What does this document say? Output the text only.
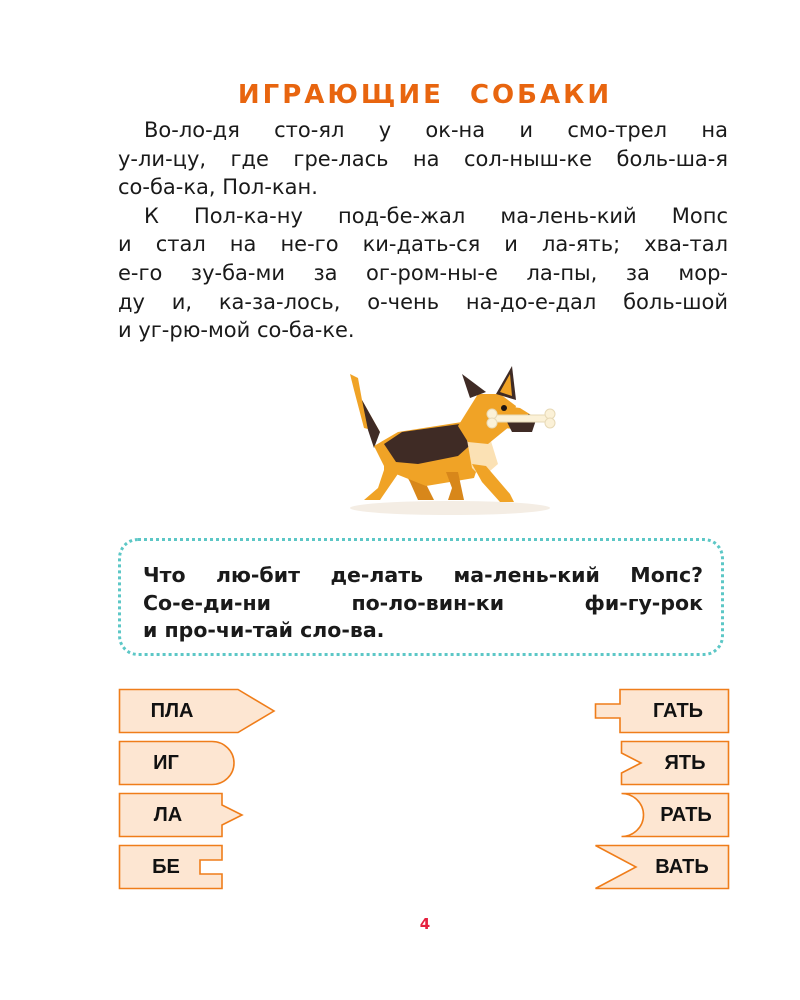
ИГРАЮЩИЕ СОБАКИ
Во-ло-дя сто-ял у ок-на и смо-трел на
у-ли-цу, где гре-лась на сол-ныш-ке боль-ша-я
со-ба-ка, Пол-кан.
К Пол-ка-ну под-бе-жал ма-лень-кий Мопс
и стал на не-го ки-дать-ся и ла-ять; хва-тал
е-го зу-ба-ми за ог-ром-ны-е ла-пы, за мор-
ду и, ка-за-лось, о-чень на-до-е-дал боль-шой
и уг-рю-мой со-ба-ке.
Что лю-бит де-лать ма-лень-кий Мопс?
Со-е-ди-ни по-ло-вин-ки фи-гу-рок
и про-чи-тай сло-ва.
ПЛА
ИГ
ЛА
БЕ
ГАТЬ
ЯТЬ
РАТЬ
ВАТЬ
4
